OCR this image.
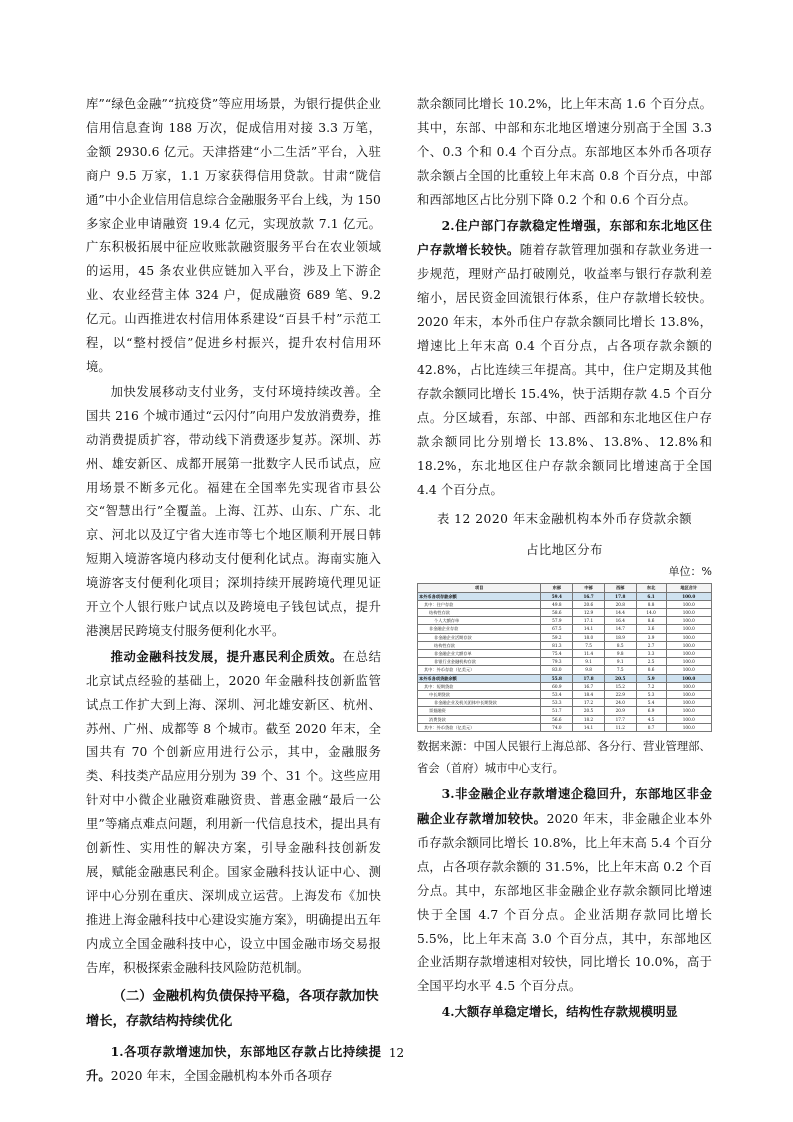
库”“绿色金融”“抗疫贷”等应用场景，为银行提供企业信用信息查询 188 万次，促成信用对接 3.3 万笔，金额 2930.6 亿元。天津搭建“小二生活”平台，入驻商户 9.5 万家，1.1 万家获得信用贷款。甘肃“陇信通”中小企业信用信息综合金融服务平台上线，为 150 多家企业申请融资 19.4 亿元，实现放款 7.1 亿元。广东积极拓展中征应收账款融资服务平台在农业领域的运用，45 条农业供应链加入平台，涉及上下游企业、农业经营主体 324 户，促成融资 689 笔、9.2 亿元。山西推进农村信用体系建设“百县千村”示范工程，以“整村授信”促进乡村振兴，提升农村信用环境。

加快发展移动支付业务，支付环境持续改善。全国共 216 个城市通过“云闪付”向用户发放消费券，推动消费提质扩容，带动线下消费逐步复苏。深圳、苏州、雄安新区、成都开展第一批数字人民币试点，应用场景不断多元化。福建在全国率先实现省市县公交“智慧出行”全覆盖。上海、江苏、山东、广东、北京、河北以及辽宁省大连市等七个地区顺利开展日韩短期入境游客境内移动支付便利化试点。海南实施入境游客支付便利化项目；深圳持续开展跨境代理见证开立个人银行账户试点以及跨境电子钱包试点，提升港澳居民跨境支付服务便利化水平。

推动金融科技发展，提升惠民利企质效。在总结北京试点经验的基础上，2020 年金融科技创新监管试点工作扩大到上海、深圳、河北雄安新区、杭州、苏州、广州、成都等 8 个城市。截至 2020 年末，全国共有 70 个创新应用进行公示，其中，金融服务类、科技类产品应用分别为 39 个、31 个。这些应用针对中小微企业融资难融资贵、普惠金融“最后一公里”等痛点难点问题，利用新一代信息技术，提出具有创新性、实用性的解决方案，引导金融科技创新发展，赋能金融惠民利企。国家金融科技认证中心、测评中心分别在重庆、深圳成立运营。上海发布《加快推进上海金融科技中心建设实施方案》，明确提出五年内成立全国金融科技中心，设立中国金融市场交易报告库，积极探索金融科技风险防范机制。

（二）金融机构负债保持平稳，各项存款加快增长，存款结构持续优化

1.各项存款增速加快，东部地区存款占比持续提升。2020 年末，全国金融机构本外币各项存

款余额同比增长 10.2%，比上年末高 1.6 个百分点。其中，东部、中部和东北地区增速分别高于全国 3.3 个、0.3 个和 0.4 个百分点。东部地区本外币各项存款余额占全国的比重较上年末高 0.8 个百分点，中部和西部地区占比分别下降 0.2 个和 0.6 个百分点。

2.住户部门存款稳定性增强，东部和东北地区住户存款增长较快。随着存款管理加强和存款业务进一步规范，理财产品打破刚兑，收益率与银行存款利差缩小，居民资金回流银行体系，住户存款增长较快。2020 年末，本外币住户存款余额同比增长 13.8%，增速比上年末高 0.4 个百分点，占各项存款余额的 42.8%，占比连续三年提高。其中，住户定期及其他存款余额同比增长 15.4%，快于活期存款 4.5 个百分点。分区域看，东部、中部、西部和东北地区住户存款余额同比分别增长 13.8%、13.8%、12.8%和 18.2%，东北地区住户存款余额同比增速高于全国 4.4 个百分点。

表 12 2020 年末金融机构本外币存贷款余额
占比地区分布
单位：%
项目	东部	中部	西部	东北	地区合计
本外币各项存款余额	59.4	16.7	17.8	6.1	100.0
其中：住户存款	49.8	20.6	20.8	8.8	100.0
结构性存款	58.6	12.9	14.4	14.0	100.0
个人大额存单	57.9	17.1	16.4	8.6	100.0
非金融企业存款	67.5	14.1	14.7	3.6	100.0
非金融企业活期存款	59.2	18.0	18.9	3.9	100.0
结构性存款	81.3	7.5	8.5	2.7	100.0
非金融企业大额存单	75.4	11.4	9.8	3.3	100.0
非银行业金融机构存款	79.3	9.1	9.1	2.5	100.0
其中：外币存款（亿美元）	83.0	9.8	7.5	0.6	100.0
本外币各项贷款余额	55.8	17.8	20.5	5.9	100.0
其中：短期贷款	60.9	16.7	15.2	7.2	100.0
中长期贷款	53.4	18.4	22.9	5.3	100.0
非金融企业及机关团体中长期贷款	53.3	17.2	24.0	5.4	100.0
票据融资	51.7	20.5	20.9	6.9	100.0
消费贷款	56.6	18.2	17.7	4.5	100.0
其中：外币贷款（亿美元）	74.0	14.1	11.2	0.7	100.0
数据来源：中国人民银行上海总部、各分行、营业管理部、省会（首府）城市中心支行。

3.非金融企业存款增速企稳回升，东部地区非金融企业存款增加较快。2020 年末，非金融企业本外币存款余额同比增长 10.8%，比上年末高 5.4 个百分点，占各项存款余额的 31.5%，比上年末高 0.2 个百分点。其中，东部地区非金融企业存款余额同比增速快于全国 4.7 个百分点。企业活期存款同比增长 5.5%，比上年末高 3.0 个百分点，其中，东部地区企业活期存款增速相对较快，同比增长 10.0%，高于全国平均水平 4.5 个百分点。

4.大额存单稳定增长，结构性存款规模明显

12
